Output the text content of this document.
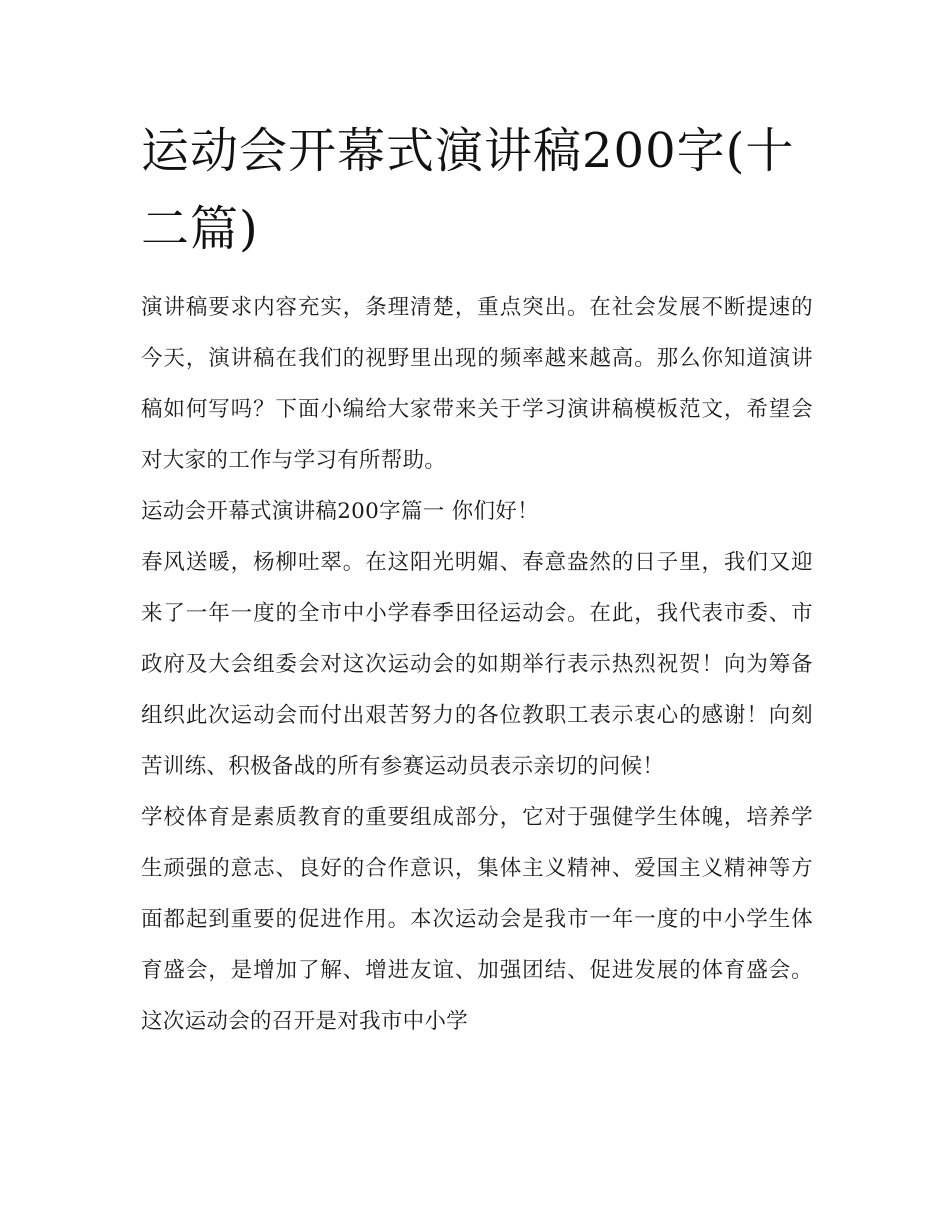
运动会开幕式演讲稿200字(十二篇)

演讲稿要求内容充实，条理清楚，重点突出。在社会发展不断提速的今天，演讲稿在我们的视野里出现的频率越来越高。那么你知道演讲稿如何写吗？下面小编给大家带来关于学习演讲稿模板范文，希望会对大家的工作与学习有所帮助。

运动会开幕式演讲稿200字篇一 你们好！

春风送暖，杨柳吐翠。在这阳光明媚、春意盎然的日子里，我们又迎来了一年一度的全市中小学春季田径运动会。在此，我代表市委、市政府及大会组委会对这次运动会的如期举行表示热烈祝贺！向为筹备组织此次运动会而付出艰苦努力的各位教职工表示衷心的感谢！向刻苦训练、积极备战的所有参赛运动员表示亲切的问候！

学校体育是素质教育的重要组成部分，它对于强健学生体魄，培养学生顽强的意志、良好的合作意识，集体主义精神、爱国主义精神等方面都起到重要的促进作用。本次运动会是我市一年一度的中小学生体育盛会，是增加了解、增进友谊、加强团结、促进发展的体育盛会。这次运动会的召开是对我市中小学
